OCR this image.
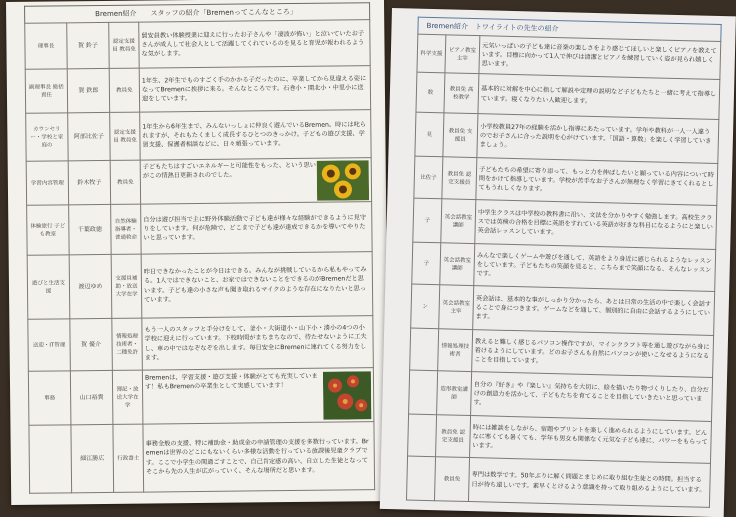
Bremen紹介　　スタッフの紹介「Bremenってこんなところ」
理事長	賀 鈴子	認定支援員 教員免	貿安員教い体験授業に迎えに行ったお子さんや「凄波が怖い」と泣いていたお子さんが成人して社会人として活躍してくれているのを見ると育児が報われるような気がします。
副理事長 総括責任	賀 鉄郎	教員免	1年生、2年生でものすごく手のかかる子だったのに、卒業してから見違える姿になってBremenに挨拶に来る。そんなところです。石巻小・開北小・中里小に送迎をしています。
カウンセリー・学校と家庭の	阿部比佐子	認定支援員 教員免	1年生から6年生まで、みんないっしょに仲良く遊んでいるBremen。時には叱られますが、それもたくましく成長するひとつのきっかけ。子どもの遊び支援、学習支援、保護者相談などに、日々頑張っています。
学習内容管理	鈴木牧子	教員免	子どもたちはすごいエネルギーと可能性をもった、という思いがこの情熱日更新されのでした。

体験旅行 子ども教室	千葉政徳	自然体験指導者・普通救命	自分は遊び担当で主に野外体験活動で子ども達が様々な経験ができるように見守りをしています。何が危険で、どこまで子ども達が達成できるかを導いてやりたいと思っています。
遊びと生活支援	渡辺ゆめ	支援員補助・放送大学在学	昨日できなかったことが今日はできる。みんなが挑戦しているから私もやってみる。1人ではできないこと、お家ではできないことをできるのがBremenだと思います。子ども達の小さな声も聞き取れるマイクのような存在になりたいと思っています。
送迎・IT管理	賀 優介	情報処理技術者・二種免許	もう一人のスタッフと手分けをして、釜小・大街道小・山下小・湊小の4つの小学校に迎えに行っています。下校時間がまちまちなので、待たせないように工夫し、車の中ではなぞなぞを出します。毎日安全にBremenに連れてくる努力をします。
事務	山口裕貴	簿記・放送大学在学	Bremenは、学習支援・遊び支援・体験がとても充実しています！私もBremenの卒業生として実感しています！

	細江勝広	行政書士	事務全般の支援、特に補助金・助成金の申請管理の支援を多数行っています。Bremenは世界のどこにもないくらい多様な活動を行っている放課後児童クラブです。ここで小学生の関過ごすことで、自己肯定感の高い、自立した生徒となってそこから先の人生が広がっていく、そんな場所だと思います。
Bremen紹介　トワイライトの先生の紹介
科学支援	ピアノ教室主宰	元気いっぱいの子ども達に音楽の楽しさをより感じてほしいと楽しくピアノを教えています。目標に向かって1人で伸びは清潔とピアノを練習していく姿が見られ嬉しく思います。
数	教員免 高校教学	基本的に対解を中心に指して解説や定理の説明など子どもたちと一緒に考えて指導しています。寝くなりたい人歓迎します。
見	教員免 支援員	小学校教員27年の経験を活かし指導にあたっています。学年や教科が一人一人違うのでお子さんに合った説明を心がけています。「国語・算数」を楽しく学習していきましょう。
比佐子	教員免 認定支援員	子どもたちの希望に寄り添って、もっと力を伸ばしたいと願っている内容について時間をかけて指導しています。学校が苦手なお子さんが無理なく学習にきてくれるとしてもうれしくなります。
子	英会話教室講師	中学生クラスは中学校の教科書に沿い、文法を分かりやすく勉強します。高校生クラスでは英検の合格を目標に英語をすれている英語が好きな科目になるようにと楽しい英会話レッスンしています。
子	英会話教室講師	みんなで楽しくゲームや遊びを通して、英語をより身近に感じられるようなレッスンをしています。子どもたちの笑顔を見ると、こちらまで笑顔になる、そんなレッスンです。
ン	英会話教室主宰	英会話は、基本的な事がしっかり分かったら、あとは日常の生活の中で楽しく会話することで身につきます。ゲームなどを通して、個別的に自由に会話するようにしています。
	情報処理技術者	教えると難しく感じるパソコン操作ですが、マインクラフト等を通し遊びながら身に着けるようにしています。どのお子さんも自然にパソコンが使いこなせるようになることを目指しています。
	造形教室講師	自分の『好き』や『楽しい』気持ちを大切に、絵を描いたり物づくりしたり、自分だけの創造力を活かして、子どもたちを育てることを目指していきたいと思っています。
	教員免 認定支援員	時には雑談をしながら、宿題やプリントを楽しく進められるようにしています。どんなに寒くても暑くても、学年も男女も関係なく元気な子ども達に、パワーをもらっています。
	教員免	専門は数学です。50年ぶりに解く問題とまじめに取り組む生徒との時間。担当する日が待ち遠しいです。素早くとけるよう意識を持って取り組めるようにしています。
